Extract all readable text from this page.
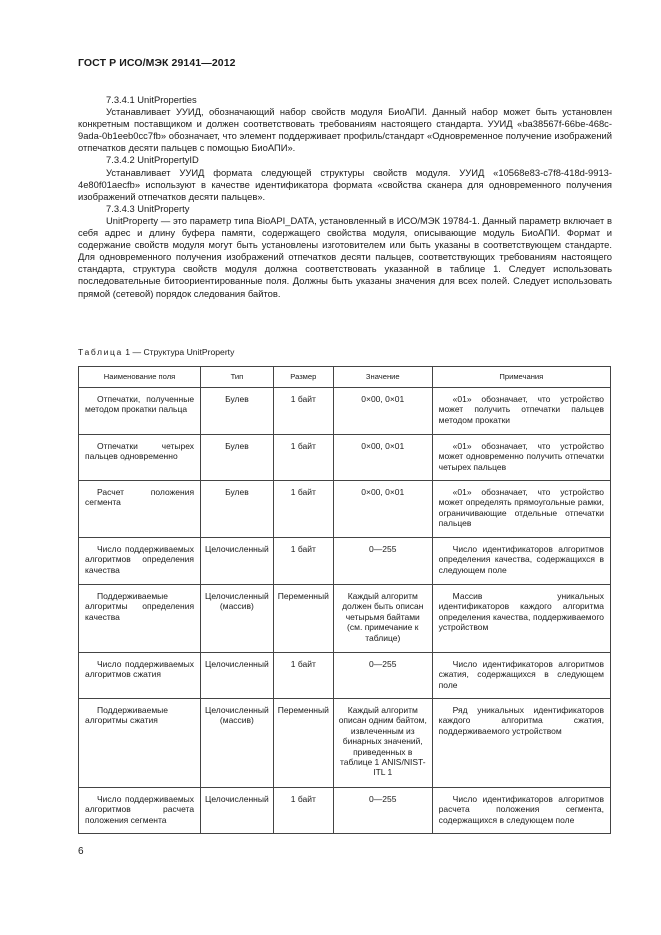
ГОСТ Р ИСО/МЭК 29141—2012

7.3.4.1 UnitProperties

Устанавливает УУИД, обозначающий набор свойств модуля БиоАПИ. Данный набор может быть установлен конкретным поставщиком и должен соответствовать требованиям настоящего стандарта. УУИД «ba38567f-66be-468c-9ada-0b1eeb0cc7fb» обозначает, что элемент поддерживает профиль/стандарт «Одновременное получение изображений отпечатков десяти пальцев с помощью БиоАПИ».

7.3.4.2 UnitPropertyID

Устанавливает УУИД формата следующей структуры свойств модуля. УУИД «10568e83-c7f8-418d-9913-4e80f01aecfb» используют в качестве идентификатора формата «свойства сканера для одновременного получения изображений отпечатков десяти пальцев».

7.3.4.3 UnitProperty

UnitProperty — это параметр типа BioAPI_DATA, установленный в ИСО/МЭК 19784-1. Данный параметр включает в себя адрес и длину буфера памяти, содержащего свойства модуля, описывающие модуль БиоАПИ. Формат и содержание свойств модуля могут быть установлены изготовителем или быть указаны в соответствующем стандарте. Для одновременного получения изображений отпечатков десяти пальцев, соответствующих требованиям настоящего стандарта, структура свойств модуля должна соответствовать указанной в таблице 1. Следует использовать последовательные битоориентированные поля. Должны быть указаны значения для всех полей. Следует использовать прямой (сетевой) порядок следования байтов.

Таблица 1 — Структура UnitProperty
Наименование поля	Тип	Размер	Значение	Примечания

Отпечатки, полученные методом прокатки пальца	Булев	1 байт	0×00, 0×01	«01» обозначает, что устройство может получить отпечатки пальцев методом прокатки

Отпечатки четырех пальцев одновременно	Булев	1 байт	0×00, 0×01	«01» обозначает, что устройство может одновременно получить отпечатки четырех пальцев

Расчет положения сегмента	Булев	1 байт	0×00, 0×01	«01» обозначает, что устройство может определять прямоугольные рамки, ограничивающие отдельные отпечатки пальцев

Число поддерживаемых алгоритмов определения качества	Целочисленный	1 байт	0—255	Число идентификаторов алгоритмов определения качества, содержащихся в следующем поле

Поддерживаемые алгоритмы определения качества	Целочисленный (массив)	Переменный	Каждый алгоритм должен быть описан четырьмя байтами (см. примечание к таблице)	Массив уникальных идентификаторов каждого алгоритма определения качества, поддерживаемого устройством

Число поддерживаемых алгоритмов сжатия	Целочисленный	1 байт	0—255	Число идентификаторов алгоритмов сжатия, содержащихся в следующем поле

Поддерживаемые алгоритмы сжатия	Целочисленный (массив)	Переменный	Каждый алгоритм описан одним байтом, извлеченным из бинарных значений, приведенных в таблице 1 ANIS/NIST-ITL 1	Ряд уникальных идентификаторов каждого алгоритма сжатия, поддерживаемого устройством

Число поддерживаемых алгоритмов расчета положения сегмента	Целочисленный	1 байт	0—255	Число идентификаторов алгоритмов расчета положения сегмента, содержащихся в следующем поле
6
